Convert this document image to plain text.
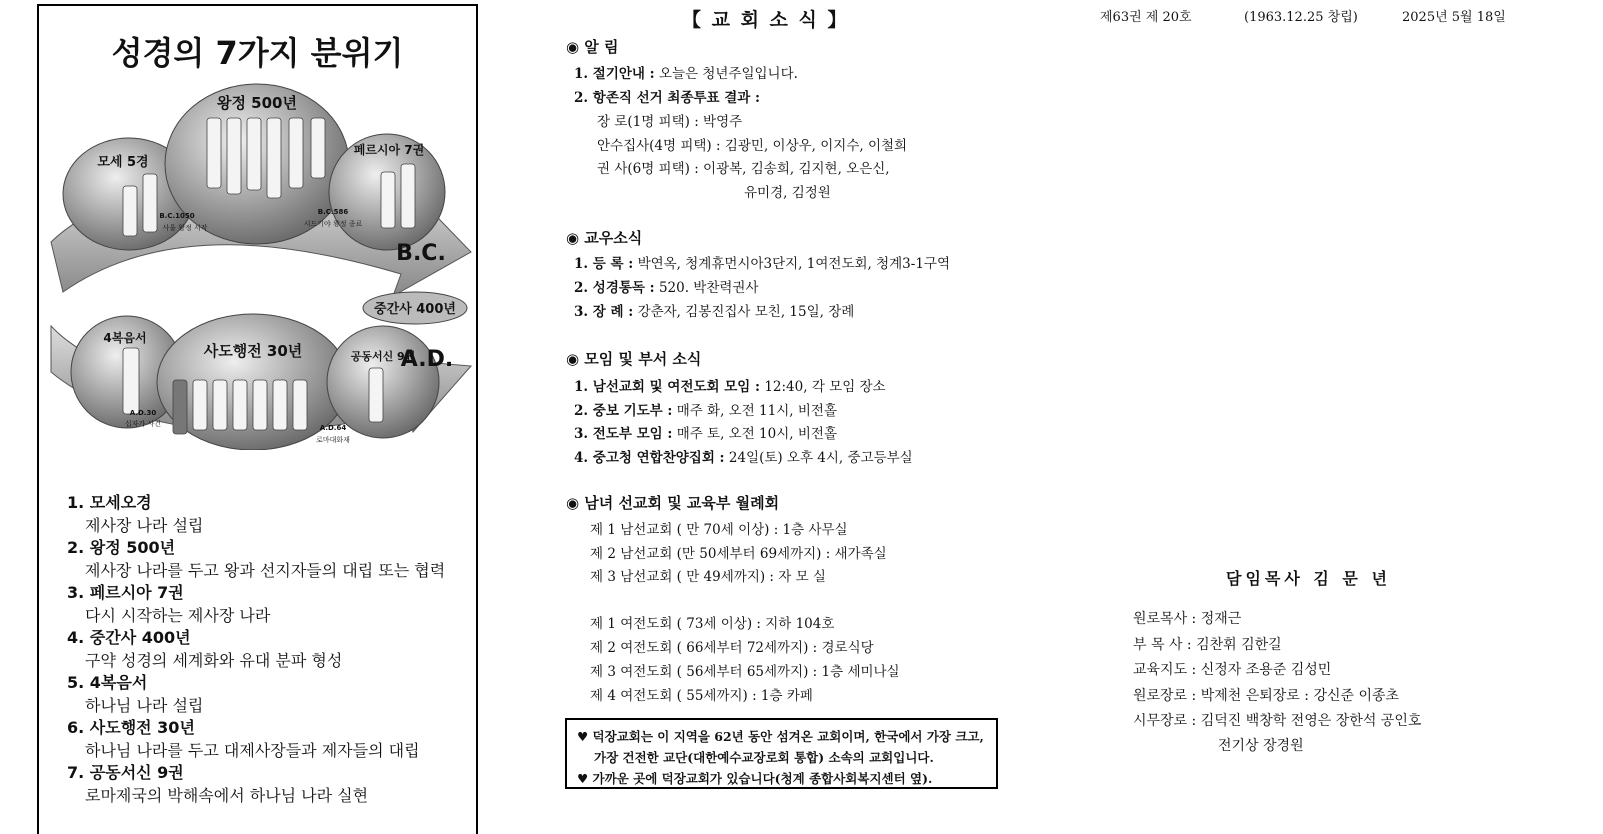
성경의 7가지 분위기
왕정 500년
모세 5경
페르시아 7권
B.C.
중간사 400년
A.D.
4복음서
사도행전 30년	공동서신 9권
B.C.1050
사울 왕정 시작
B.C.586
시드기야 왕정 종료
A.D.30
십자가 사건	A.D.64
로마대화재
1. 모세오경
제사장 나라 설립
2. 왕정 500년
제사장 나라를 두고 왕과 선지자들의 대립 또는 협력
3. 페르시아 7권
다시 시작하는 제사장 나라
4. 중간사 400년
구약 성경의 세계화와 유대 분파 형성
5. 4복음서
하나님 나라 설립
6. 사도행전 30년
하나님 나라를 두고 대제사장들과 제자들의 대립
7. 공동서신 9권
로마제국의 박해속에서 하나님 나라 실현
【 교 회 소 식 】
◉ 알 림
1. 절기안내 : 오늘은 청년주일입니다.
2. 항존직 선거 최종투표 결과 :
장 로(1명 피택) : 박영주
안수집사(4명 피택) : 김광민, 이상우, 이지수, 이철희
권 사(6명 피택) : 이광복, 김송희, 김지현, 오은신,
유미경, 김정원
◉ 교우소식
1. 등 록 : 박연옥, 청계휴먼시아3단지, 1여전도회, 청계3-1구역
2. 성경통독 : 520. 박찬력권사
3. 장 례 : 강춘자, 김봉진집사 모친, 15일, 장례
◉ 모임 및 부서 소식
1. 남선교회 및 여전도회 모임 : 12:40, 각 모임 장소
2. 중보 기도부 : 매주 화, 오전 11시, 비전홀
3. 전도부 모임 : 매주 토, 오전 10시, 비전홀
4. 중고청 연합찬양집회 : 24일(토) 오후 4시, 중고등부실
◉ 남녀 선교회 및 교육부 월례회
제 1 남선교회 ( 만 70세 이상) : 1층 사무실
제 2 남선교회 (만 50세부터 69세까지) : 새가족실
제 3 남선교회 ( 만 49세까지) : 자 모 실
제 1 여전도회 ( 73세 이상) : 지하 104호
제 2 여전도회 ( 66세부터 72세까지) : 경로식당
제 3 여전도회 ( 56세부터 65세까지) : 1층 세미나실
제 4 여전도회 ( 55세까지) : 1층 카페
♥ 덕장교회는 이 지역을 62년 동안 섬겨온 교회이며, 한국에서 가장 크고,
가장 건전한 교단(대한예수교장로회 통합) 소속의 교회입니다.
♥ 가까운 곳에 덕장교회가 있습니다(청계 종합사회복지센터 옆).
제63권 제 20호	(1963.12.25 창립)	2025년 5월 18일
담임목사 김 문 년
원로목사 : 정재근
부 목 사 : 김찬휘 김한길
교육지도 : 신정자 조용준 김성민
원로장로 : 박제천 은퇴장로 : 강신준 이종초
시무장로 : 김덕진 백창학 전영은 장한석 공인호
전기상 장경원
